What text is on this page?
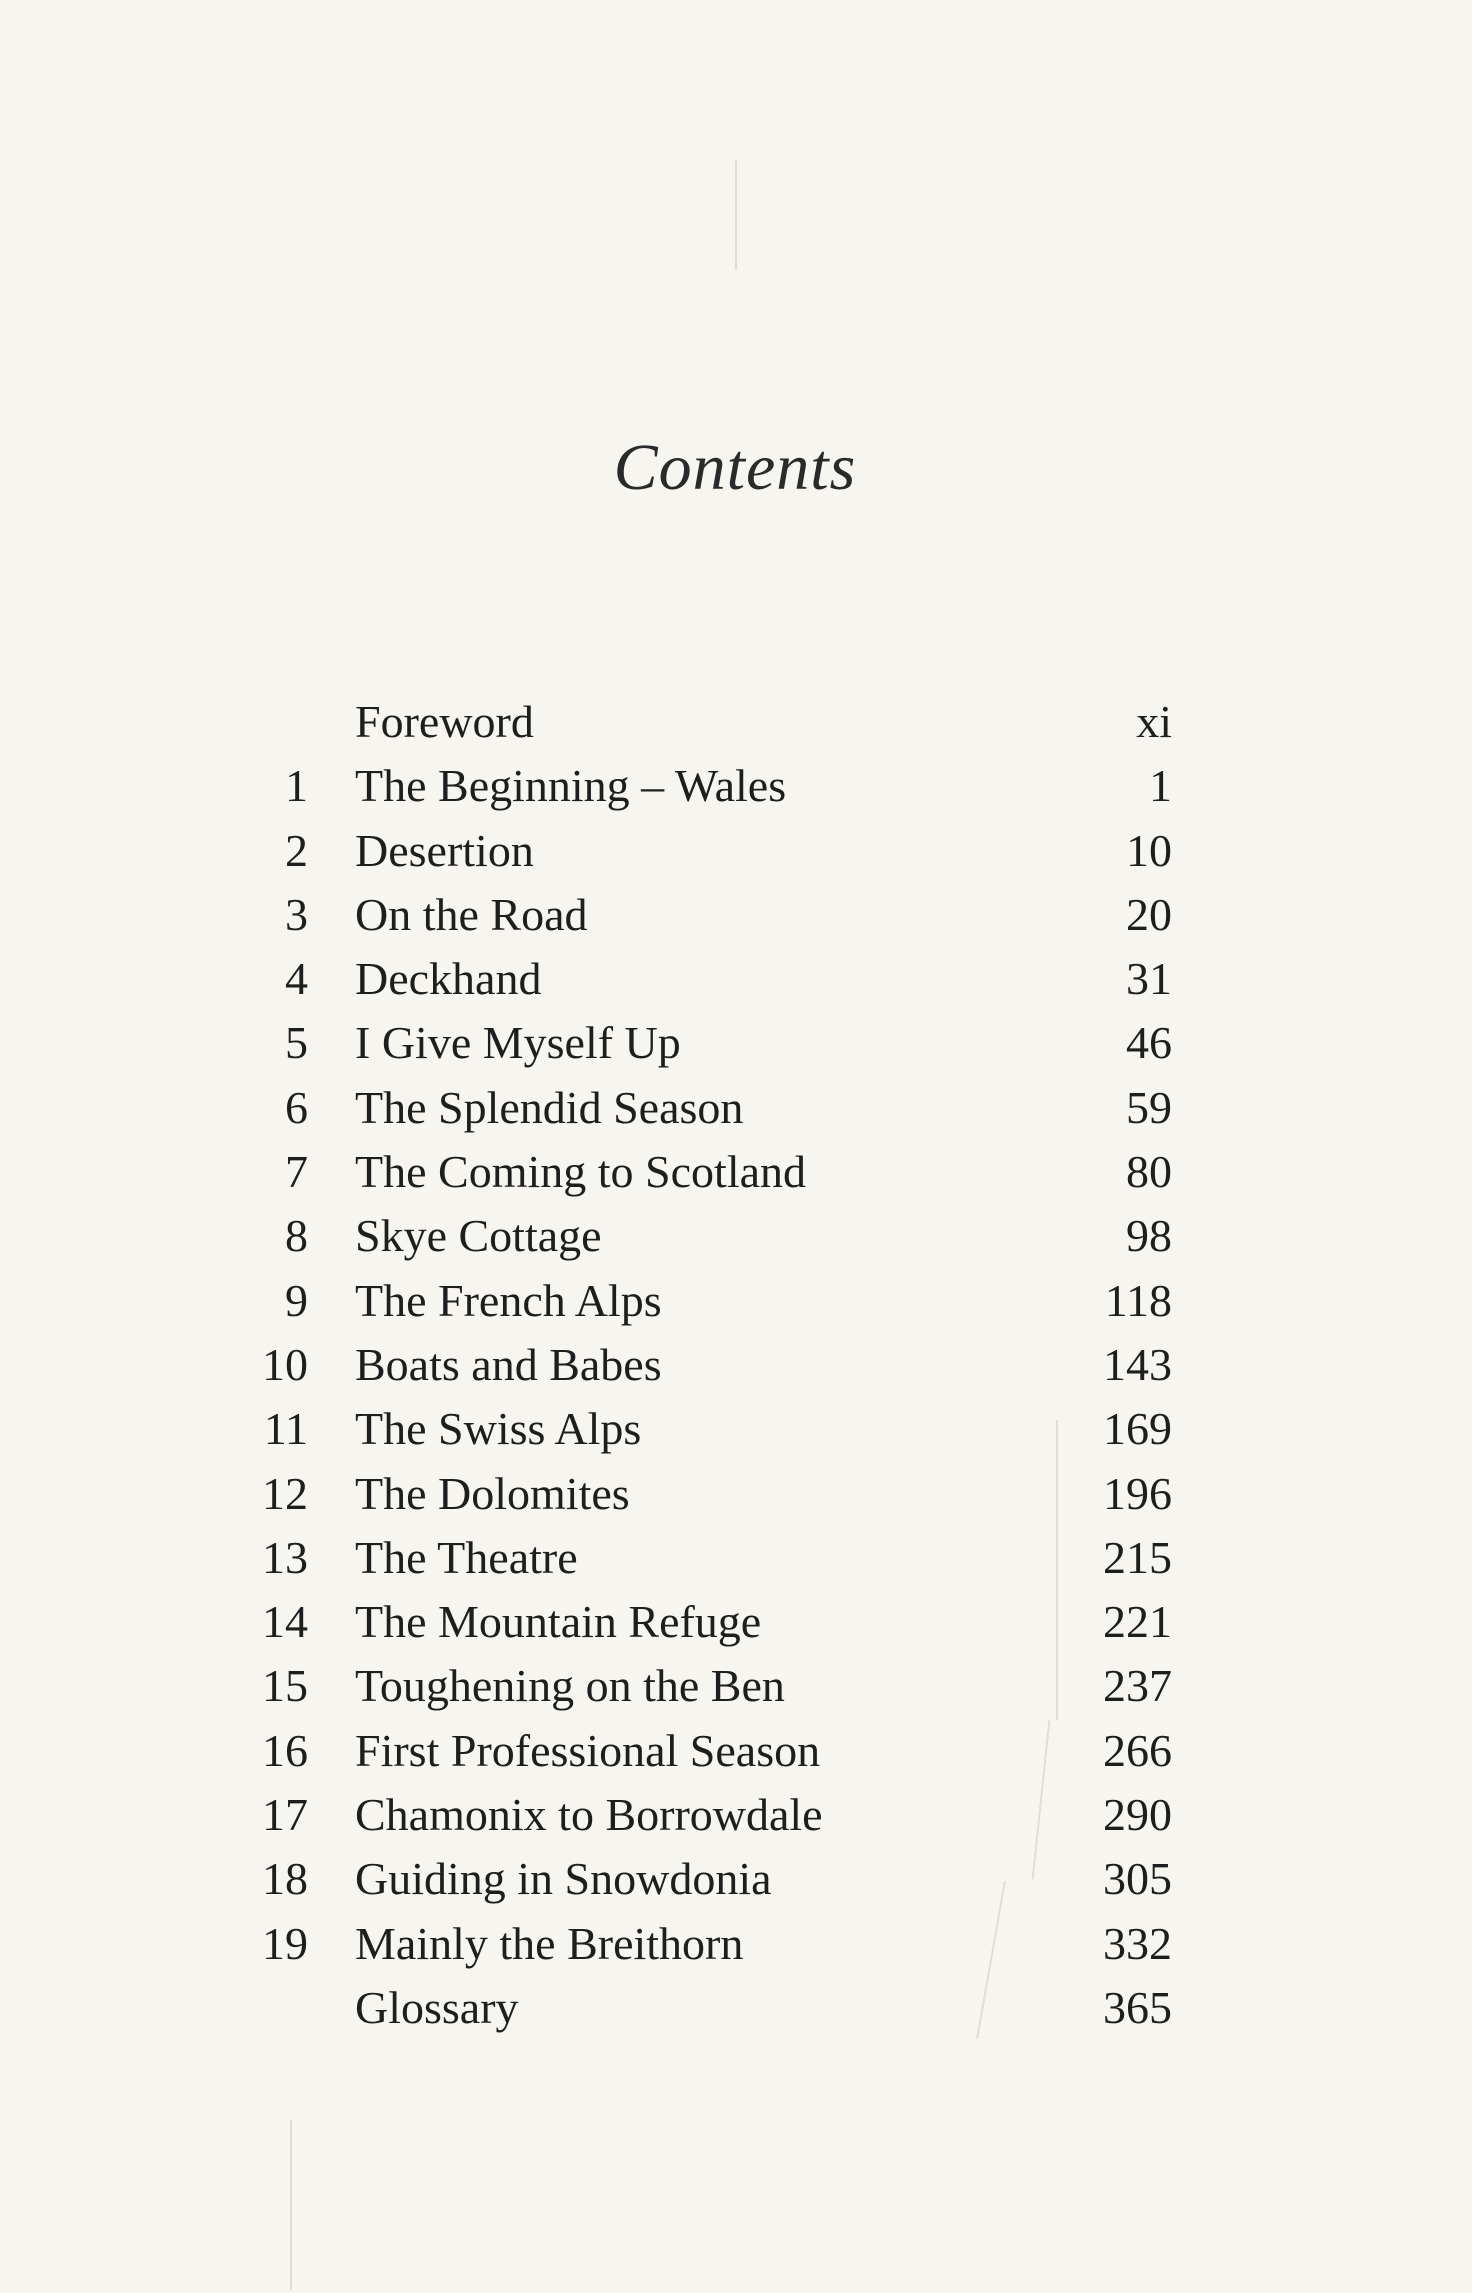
Contents
Foreword	xi
1 The Beginning – Wales	1
2 Desertion	10
3 On the Road	20
4 Deckhand	31
5 I Give Myself Up	46
6 The Splendid Season	59
7 The Coming to Scotland	80
8 Skye Cottage	98
9 The French Alps	118
10 Boats and Babes	143
11 The Swiss Alps	169
12 The Dolomites	196
13 The Theatre	215
14 The Mountain Refuge	221
15 Toughening on the Ben	237
16 First Professional Season	266
17 Chamonix to Borrowdale	290
18 Guiding in Snowdonia	305
19 Mainly the Breithorn	332
Glossary	365
